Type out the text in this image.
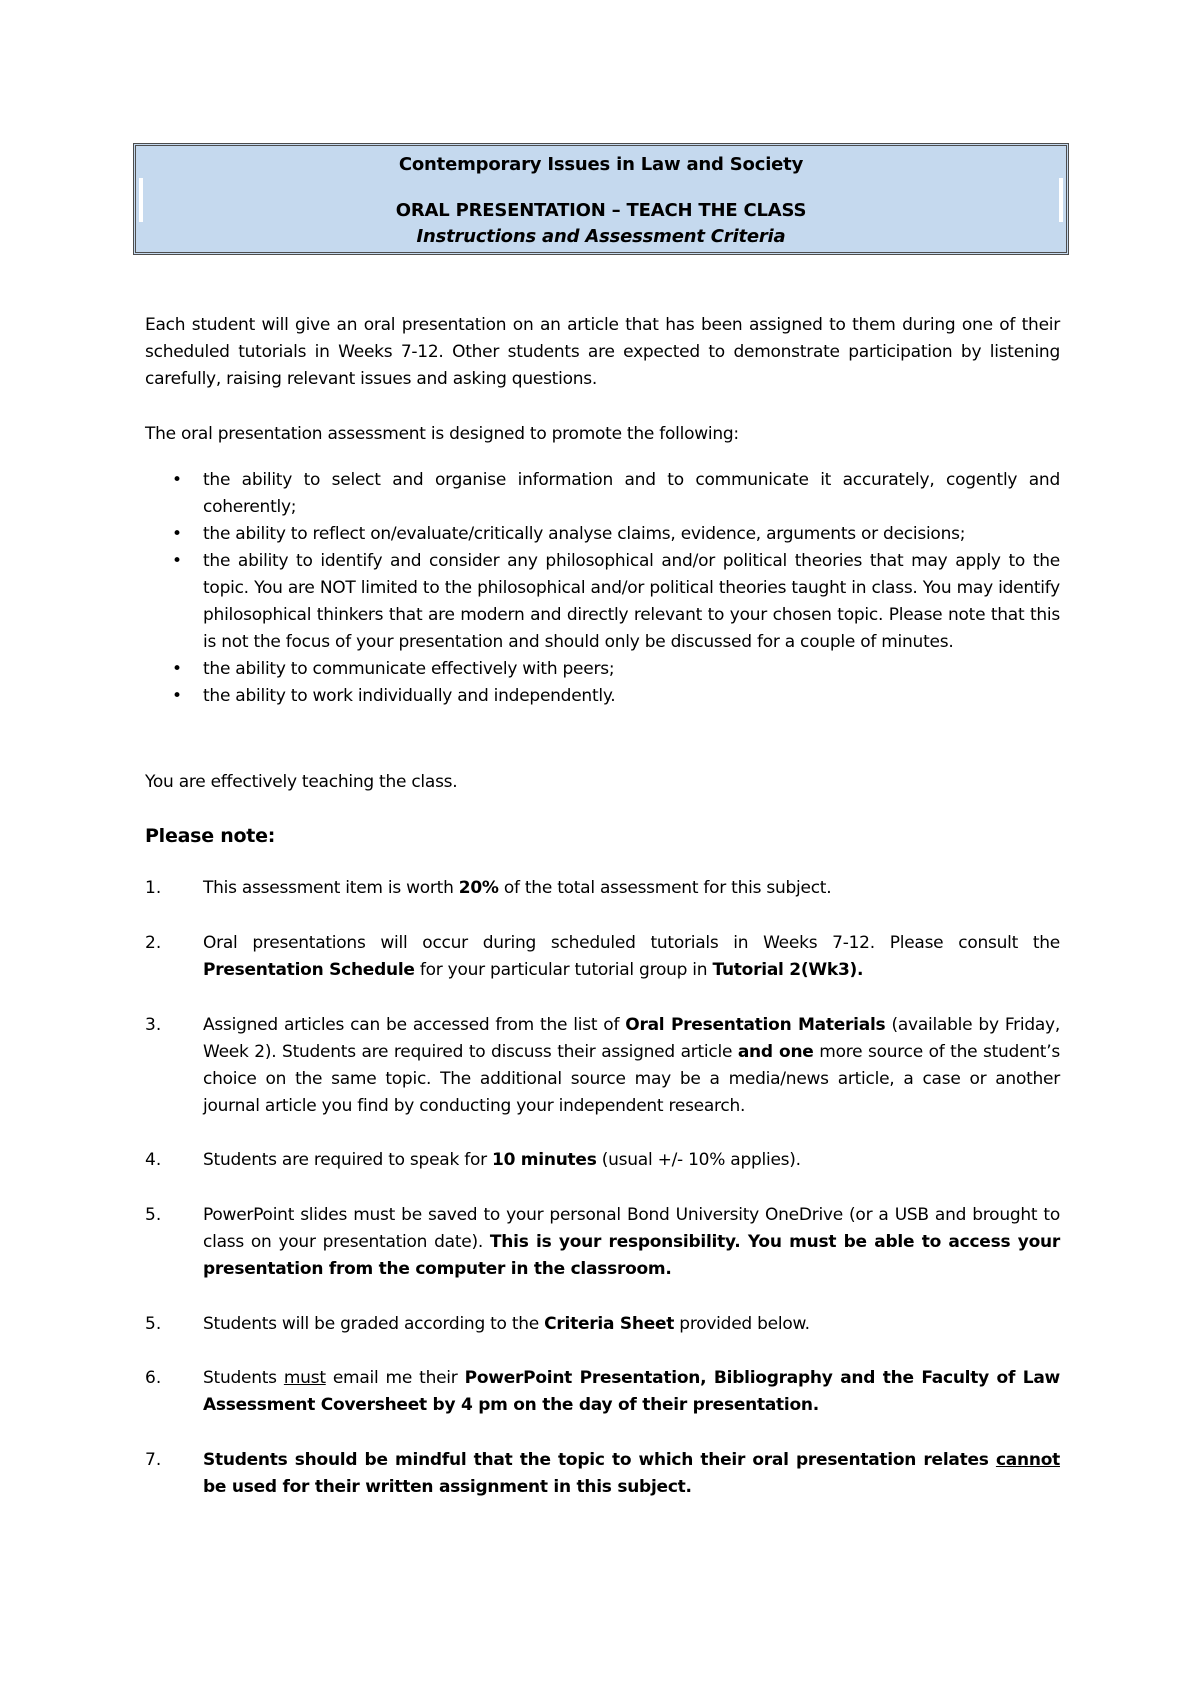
Contemporary Issues in Law and Society
ORAL PRESENTATION – TEACH THE CLASS
Instructions and Assessment Criteria
Each student will give an oral presentation on an article that has been assigned to them during one of their scheduled tutorials in Weeks 7-12. Other students are expected to demonstrate participation by listening carefully, raising relevant issues and asking questions.
The oral presentation assessment is designed to promote the following:
• the ability to select and organise information and to communicate it accurately, cogently and coherently;
• the ability to reflect on/evaluate/critically analyse claims, evidence, arguments or decisions;
• the ability to identify and consider any philosophical and/or political theories that may apply to the topic. You are NOT limited to the philosophical and/or political theories taught in class. You may identify philosophical thinkers that are modern and directly relevant to your chosen topic. Please note that this is not the focus of your presentation and should only be discussed for a couple of minutes.
• the ability to communicate effectively with peers;
• the ability to work individually and independently.
You are effectively teaching the class.
Please note:
1. This assessment item is worth 20% of the total assessment for this subject.
2. Oral presentations will occur during scheduled tutorials in Weeks 7-12. Please consult the Presentation Schedule for your particular tutorial group in Tutorial 2(Wk3).
3. Assigned articles can be accessed from the list of Oral Presentation Materials (available by Friday, Week 2). Students are required to discuss their assigned article and one more source of the student’s choice on the same topic. The additional source may be a media/news article, a case or another journal article you find by conducting your independent research.
4. Students are required to speak for 10 minutes (usual +/- 10% applies).
5. PowerPoint slides must be saved to your personal Bond University OneDrive (or a USB and brought to class on your presentation date). This is your responsibility. You must be able to access your presentation from the computer in the classroom.
5. Students will be graded according to the Criteria Sheet provided below.
6. Students must email me their PowerPoint Presentation, Bibliography and the Faculty of Law Assessment Coversheet by 4 pm on the day of their presentation.
7. Students should be mindful that the topic to which their oral presentation relates cannot be used for their written assignment in this subject.
